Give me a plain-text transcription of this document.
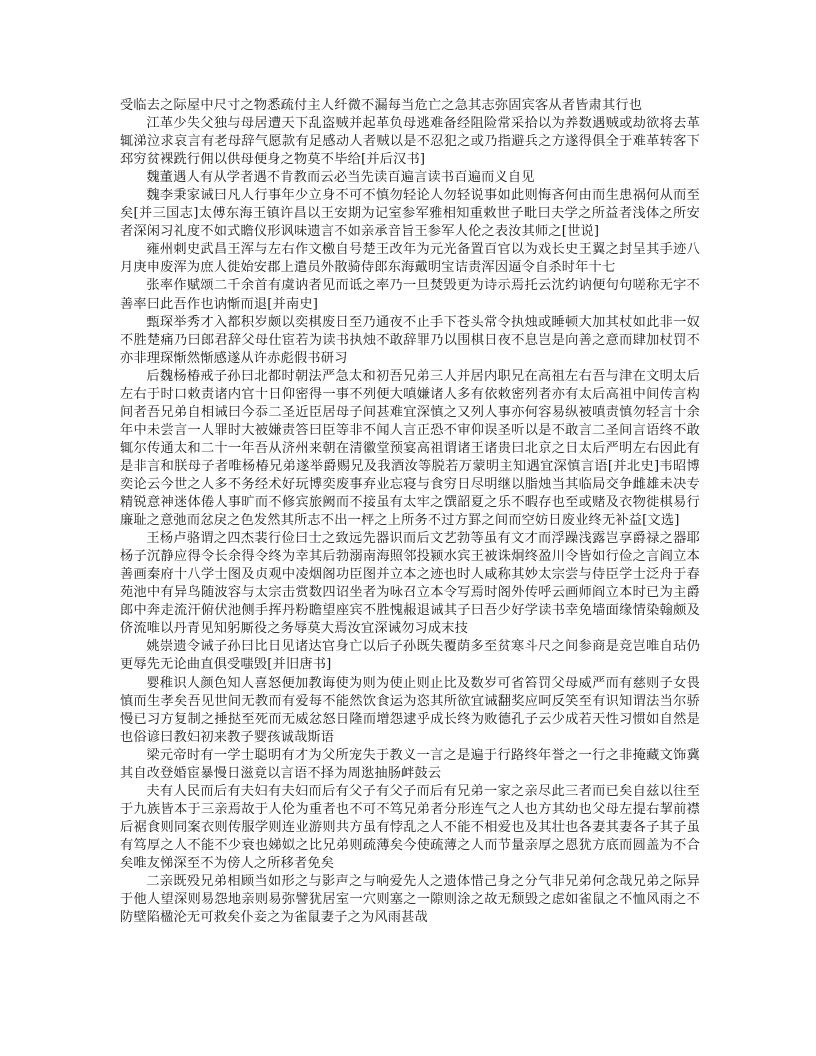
受临去之际屋中尺寸之物悉疏付主人纤微不漏每当危亡之急其志弥固宾客从者皆肃其行也

江革少失父独与母居遭天下乱盗贼并起革负母逃难备经阻险常采拾以为养数遇贼或劫欲将去革辄涕泣求哀言有老母辞气愿款有足感动人者贼以是不忍犯之或乃指避兵之方遂得俱全于难革转客下邳穷贫裸跣行佣以供母便身之物莫不毕给[并后汉书]

魏董遇人有从学者遇不肯教而云必当先读百遍言读书百遍而义自见

魏李秉家诫曰凡人行事年少立身不可不慎勿轻论人勿轻说事如此则悔吝何由而生患祸何从而至矣[并三国志]太傅东海王镇许昌以王安期为记室参军雅相知重敕世子毗曰夫学之所益者浅体之所安者深闲习礼度不如式瞻仪形讽味遗言不如亲承音旨王参军人伦之表汝其师之[世说]

雍州刺史武昌王浑与左右作文檄自号楚王改年为元光备置百官以为戏长史王翼之封呈其手迹八月庚申废浑为庶人徙始安郡上遣员外散骑侍郎东海戴明宝诘责浑因逼令自杀时年十七

张率作赋颂二千余首有虞讷者见而诋之率乃一旦焚毁更为诗示焉托云沈约讷便句句嗟称无字不善率曰此吾作也讷惭而退[并南史]

甄琛举秀才入都积岁颇以奕棋废日至乃通夜不止手下苍头常令执烛或睡顿大加其杖如此非一奴不胜楚痛乃曰郎君辞父母仕宦若为读书执烛不敢辞罪乃以围棋日夜不息岂是向善之意而肆加杖罚不亦非理琛惭然惭感遂从许赤彪假书研习

后魏杨椿戒子孙曰北都时朝法严急太和初吾兄弟三人并居内职兄在高祖左右吾与津在文明太后左右于时口敕责诸内官十日仰密得一事不列便大嗔嫌诸人多有依敕密列者亦有太后高祖中间传言构间者吾兄弟自相诫曰今忝二圣近臣居母子间甚难宜深慎之又列人事亦何容易纵被嗔责慎勿轻言十余年中未尝言一人罪时大被嫌责答曰臣等非不闻人言正恐不审仰误圣听以是不敢言二圣间言语终不敢辄尔传通太和二十一年吾从济州来朝在清徽堂预宴高祖谓诸王诸贵曰北京之日太后严明左右因此有是非言和朕母子者唯杨椿兄弟遂举爵赐兄及我酒汝等脱若万蒙明主知遇宜深慎言语[并北史]韦昭博奕论云今世之人多不务经术好玩博奕废事弃业忘寝与食穷日尽明继以脂烛当其临局交争雌雄未决专精锐意神迷体倦人事旷而不修宾旅阙而不接虽有太牢之馔韶夏之乐不暇存也至或赌及衣物徙棋易行廉耻之意弛而忿戾之色发然其所志不出一枰之上所务不过方罫之间而空妨日废业终无补益[文选]

王杨卢骆谓之四杰裴行俭曰士之致远先器识而后文艺勃等虽有文才而浮躁浅露岂享爵禄之器耶杨子沉静应得令长余得令终为幸其后勃溺南海照邻投颍水宾王被诛炯终盈川令皆如行俭之言阎立本善画秦府十八学士图及贞观中凌烟阁功臣图并立本之迹也时人咸称其妙太宗尝与侍臣学士泛舟于春苑池中有异鸟随波容与太宗击赏数四诏坐者为咏召立本令写焉时阁外传呼云画师阎立本时已为主爵郎中奔走流汗俯伏池侧手挥丹粉瞻望座宾不胜愧赧退诫其子曰吾少好学读书幸免墙面缘情染翰颇及侪流唯以丹青见知躬厮役之务辱莫大焉汝宜深诫勿习成末技

姚崇遗令诫子孙曰比日见诸达官身亡以后子孙既失覆荫多至贫寒斗尺之间参商是竞岂唯自玷仍更辱先无论曲直俱受嗤毁[并旧唐书]

婴稚识人颜色知人喜怒便加教诲使为则为使止则止比及数岁可省笞罚父母威严而有慈则子女畏慎而生孝矣吾见世间无教而有爱每不能然饮食运为恣其所欲宜诫翻奖应呵反笑至有识知谓法当尔骄慢已习方复制之捶挞至死而无威忿怒日隆而增怨逮乎成长终为败德孔子云少成若天性习惯如自然是也俗谚曰教妇初来教子婴孩诚哉斯语

梁元帝时有一学士聪明有才为父所宠失于教义一言之是遍于行路终年誉之一行之非掩藏文饰冀其自改登婚宦暴慢日滋竟以言语不择为周逖抽肠衅鼓云

夫有人民而后有夫妇有夫妇而后有父子有父子而后有兄弟一家之亲尽此三者而已矣自兹以往至于九族皆本于三亲焉故于人伦为重者也不可不笃兄弟者分形连气之人也方其幼也父母左提右挈前襟后裾食则同案衣则传服学则连业游则共方虽有悖乱之人不能不相爱也及其壮也各妻其妻各子其子虽有笃厚之人不能不少衰也娣姒之比兄弟则疏薄矣今使疏薄之人而节量亲厚之恩犹方底而圆盖为不合矣唯友悌深至不为傍人之所移者免矣

二亲既殁兄弟相顾当如形之与影声之与响爱先人之遗体惜己身之分气非兄弟何念哉兄弟之际异于他人望深则易怨地亲则易弥譬犹居室一穴则塞之一隙则涂之故无颓毁之虑如雀鼠之不恤风雨之不防壁陷楹沦无可救矣仆妾之为雀鼠妻子之为风雨甚哉
